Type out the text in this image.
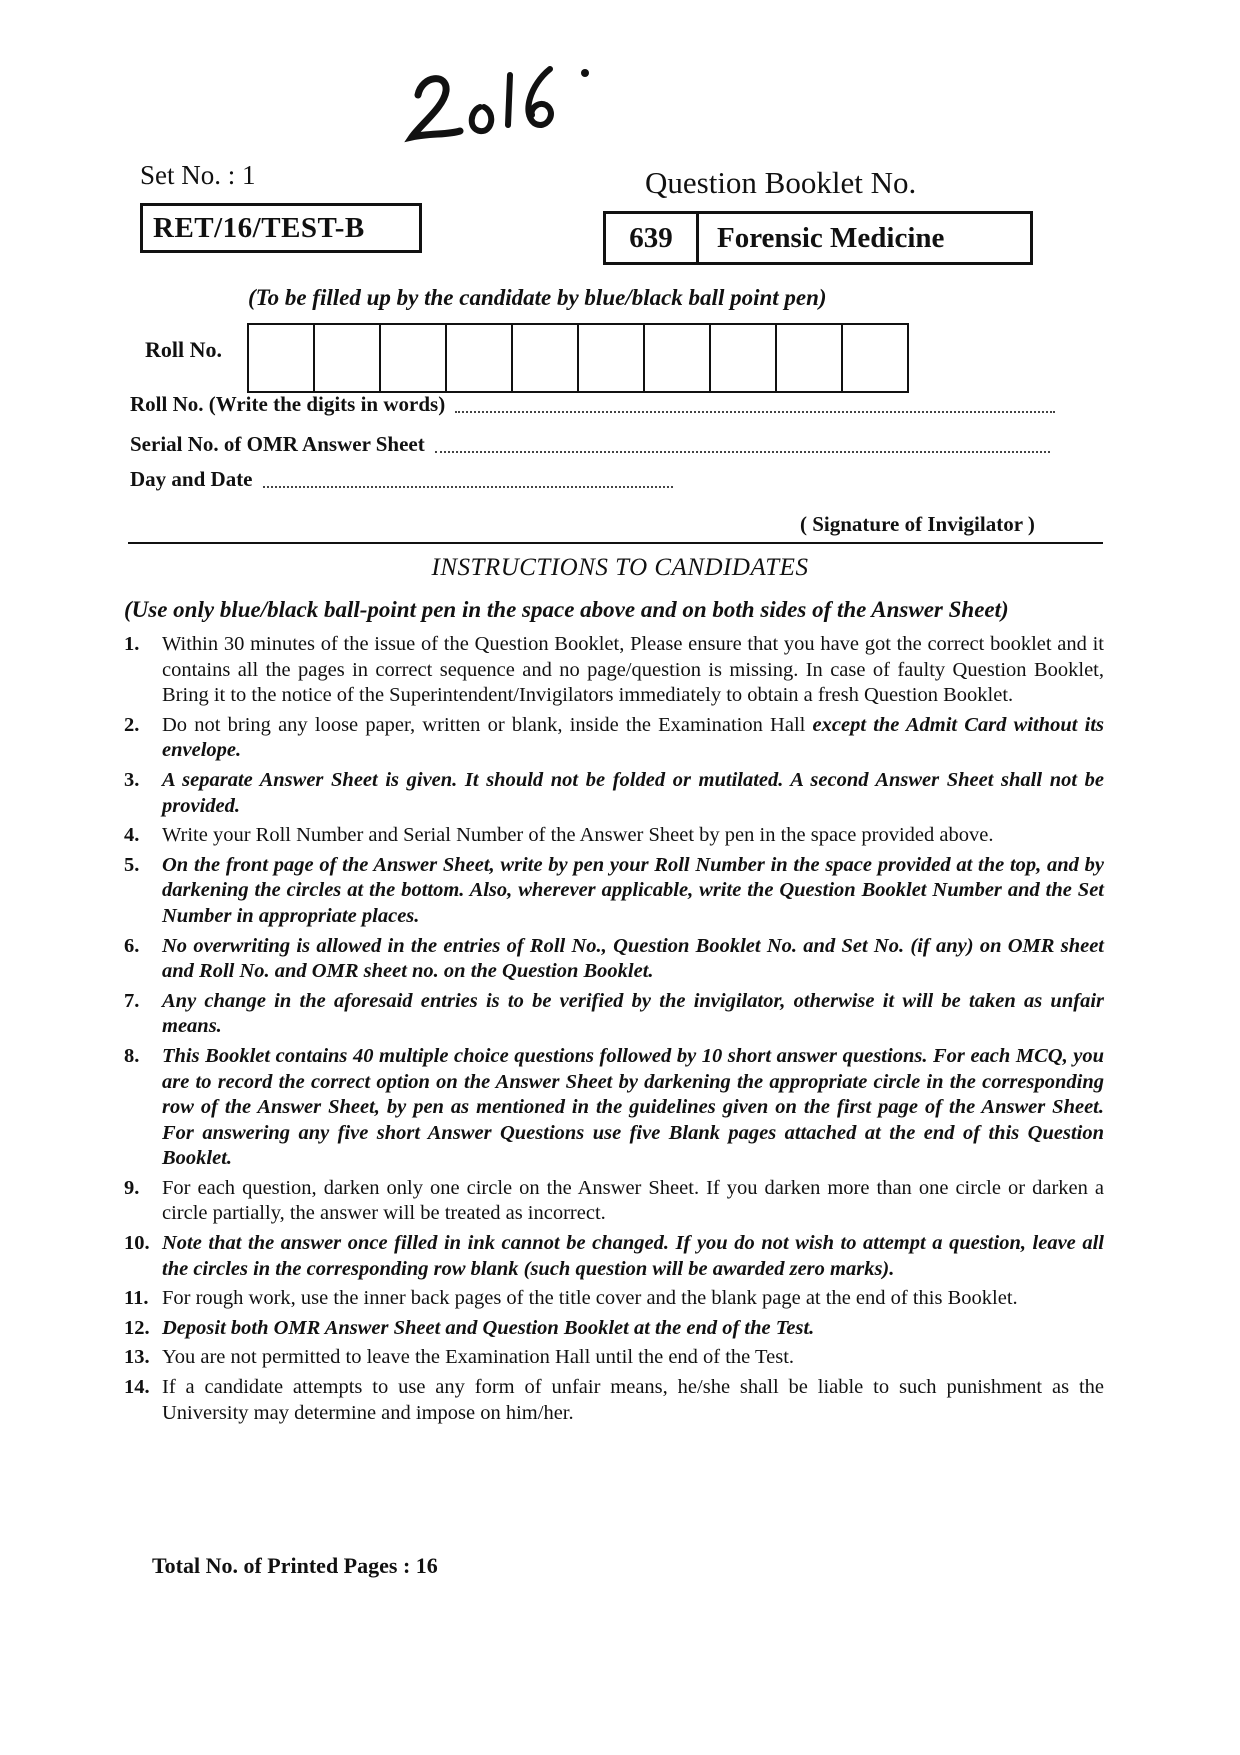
Set No. : 1
RET/16/TEST-B
Question Booklet No.
639	Forensic Medicine
(To be filled up by the candidate by blue/black ball point pen)
Roll No.
Roll No. (Write the digits in words)
Serial No. of OMR Answer Sheet
Day and Date
( Signature of Invigilator )
INSTRUCTIONS TO CANDIDATES
(Use only blue/black ball-point pen in the space above and on both sides of the Answer Sheet)
1.	Within 30 minutes of the issue of the Question Booklet, Please ensure that you have got the correct booklet and it contains all the pages in correct sequence and no page/question is missing. In case of faulty Question Booklet, Bring it to the notice of the Superintendent/Invigilators immediately to obtain a fresh Question Booklet.
2.	Do not bring any loose paper, written or blank, inside the Examination Hall except the Admit Card without its envelope.
3.	A separate Answer Sheet is given. It should not be folded or mutilated. A second Answer Sheet shall not be provided.
4.	Write your Roll Number and Serial Number of the Answer Sheet by pen in the space provided above.
5.	On the front page of the Answer Sheet, write by pen your Roll Number in the space provided at the top, and by darkening the circles at the bottom. Also, wherever applicable, write the Question Booklet Number and the Set Number in appropriate places.
6.	No overwriting is allowed in the entries of Roll No., Question Booklet No. and Set No. (if any) on OMR sheet and Roll No. and OMR sheet no. on the Question Booklet.
7.	Any change in the aforesaid entries is to be verified by the invigilator, otherwise it will be taken as unfair means.
8.	This Booklet contains 40 multiple choice questions followed by 10 short answer questions. For each MCQ, you are to record the correct option on the Answer Sheet by darkening the appropriate circle in the corresponding row of the Answer Sheet, by pen as mentioned in the guidelines given on the first page of the Answer Sheet. For answering any five short Answer Questions use five Blank pages attached at the end of this Question Booklet.
9.	For each question, darken only one circle on the Answer Sheet. If you darken more than one circle or darken a circle partially, the answer will be treated as incorrect.
10. Note that the answer once filled in ink cannot be changed. If you do not wish to attempt a question, leave all the circles in the corresponding row blank (such question will be awarded zero marks).
11. For rough work, use the inner back pages of the title cover and the blank page at the end of this Booklet.
12. Deposit both OMR Answer Sheet and Question Booklet at the end of the Test.
13. You are not permitted to leave the Examination Hall until the end of the Test.
14. If a candidate attempts to use any form of unfair means, he/she shall be liable to such punishment as the University may determine and impose on him/her.
Total No. of Printed Pages : 16
